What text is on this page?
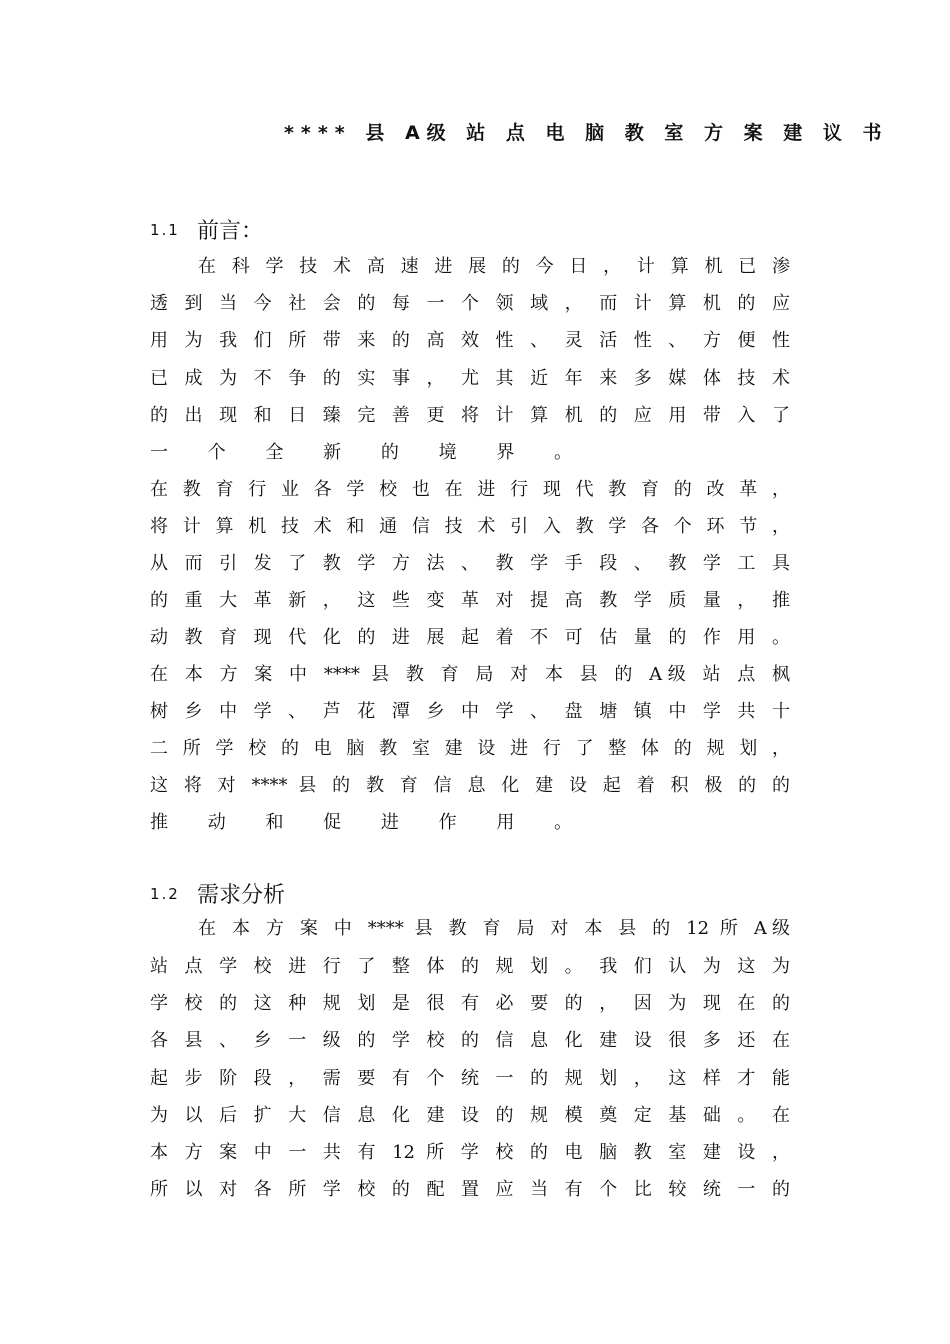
**** 县 A级 站 点 电 脑 教 室 方 案 建 议 书
1.1 前言：
在 科 学 技 术 高 速 进 展 的 今 日 ， 计 算 机 已 渗
透 到 当 今 社 会 的 每 一 个 领 域 ， 而 计 算 机 的 应
用 为 我 们 所 带 来 的 高 效 性 、 灵 活 性 、 方 便 性
已 成 为 不 争 的 实 事 ， 尤 其 近 年 来 多 媒 体 技 术
的 出 现 和 日 臻 完 善 更 将 计 算 机 的 应 用 带 入 了
一 个 全 新 的 境 界 。
在 教 育 行 业 各 学 校 也 在 进 行 现 代 教 育 的 改 革 ，
将 计 算 机 技 术 和 通 信 技 术 引 入 教 学 各 个 环 节 ，
从 而 引 发 了 教 学 方 法 、 教 学 手 段 、 教 学 工 具
的 重 大 革 新 ， 这 些 变 革 对 提 高 教 学 质 量 ， 推
动 教 育 现 代 化 的 进 展 起 着 不 可 估 量 的 作 用 。
在 本 方 案 中 **** 县 教 育 局 对 本 县 的 A级 站 点 枫
树 乡 中 学 、 芦 花 潭 乡 中 学 、 盘 塘 镇 中 学 共 十
二 所 学 校 的 电 脑 教 室 建 设 进 行 了 整 体 的 规 划 ，
这 将 对 **** 县 的 教 育 信 息 化 建 设 起 着 积 极 的 的
推 动 和 促 进 作 用 。
1.2 需求分析
在 本 方 案 中 **** 县 教 育 局 对 本 县 的 12 所 A级
站 点 学 校 进 行 了 整 体 的 规 划 。 我 们 认 为 这 为
学 校 的 这 种 规 划 是 很 有 必 要 的 ， 因 为 现 在 的
各 县 、 乡 一 级 的 学 校 的 信 息 化 建 设 很 多 还 在
起 步 阶 段 ， 需 要 有 个 统 一 的 规 划 ， 这 样 才 能
为 以 后 扩 大 信 息 化 建 设 的 规 模 奠 定 基 础 。 在
本 方 案 中 一 共 有 12 所 学 校 的 电 脑 教 室 建 设 ，
所 以 对 各 所 学 校 的 配 置 应 当 有 个 比 较 统 一 的
